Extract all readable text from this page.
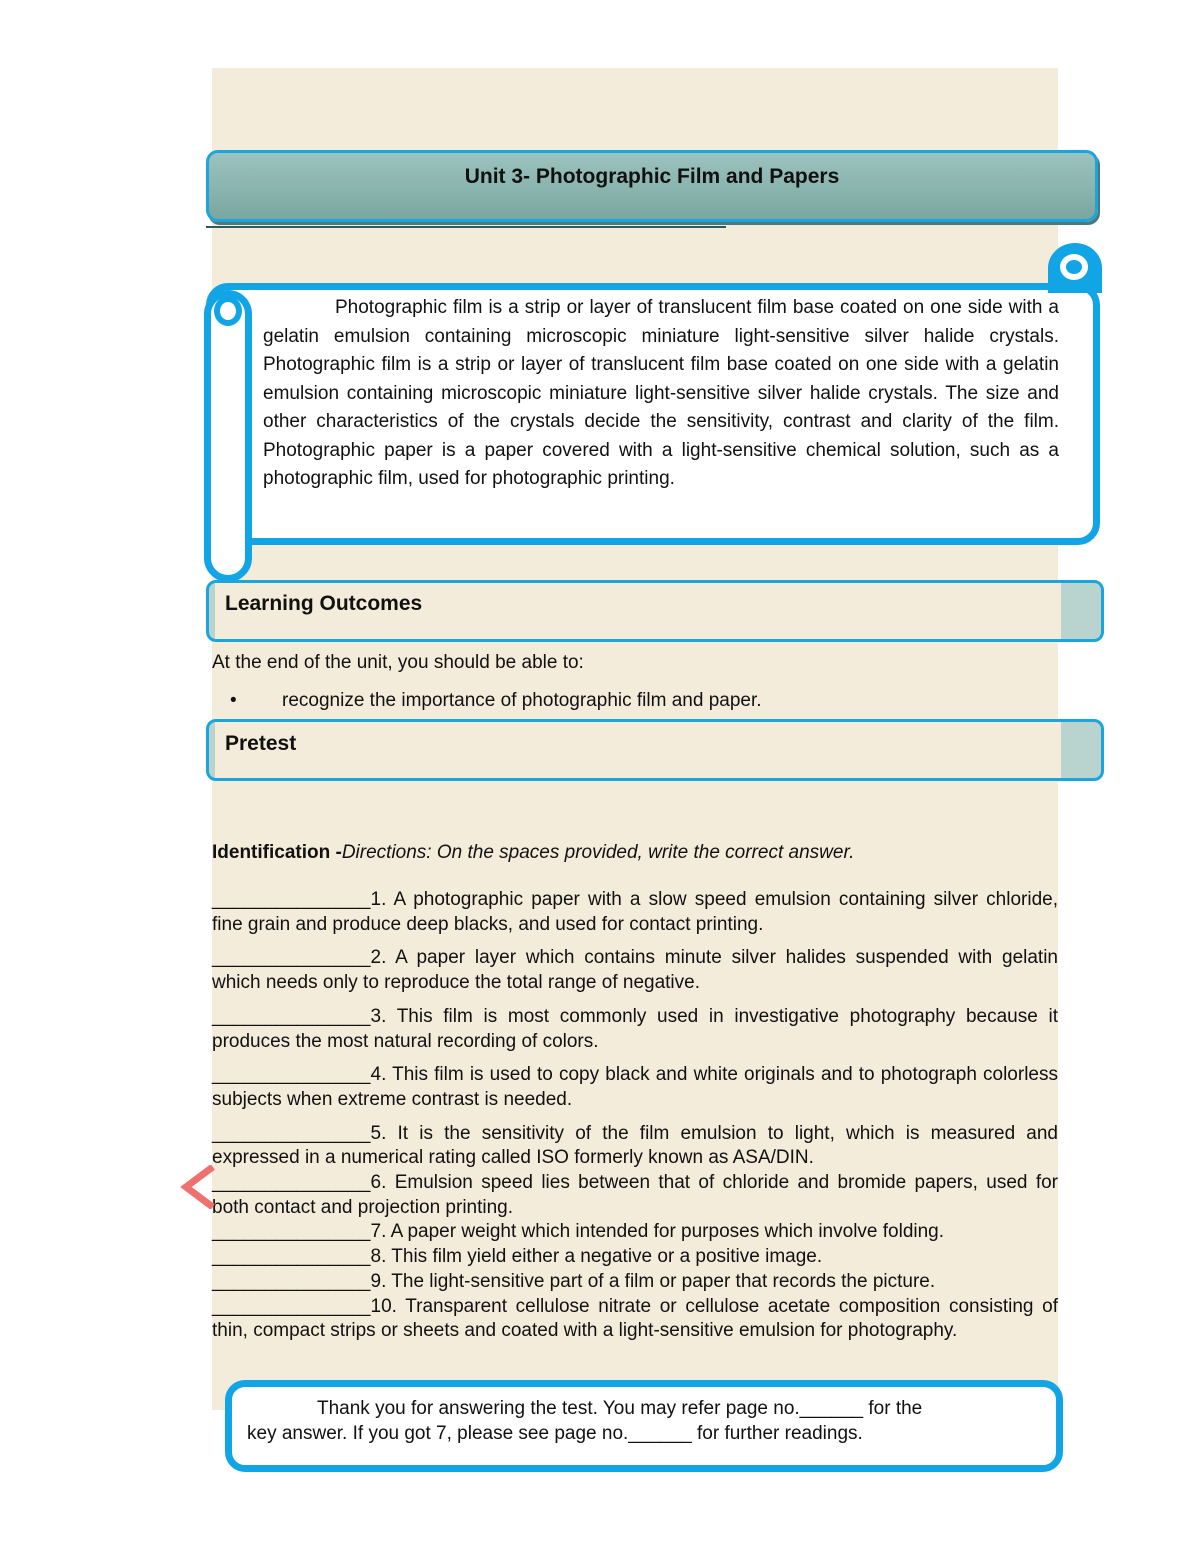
Unit 3- Photographic Film and Papers

Photographic film is a strip or layer of translucent film base coated on one side with a gelatin emulsion containing microscopic miniature light-sensitive silver halide crystals. Photographic film is a strip or layer of translucent film base coated on one side with a gelatin emulsion containing microscopic miniature light-sensitive silver halide crystals. The size and other characteristics of the crystals decide the sensitivity, contrast and clarity of the film. Photographic paper is a paper covered with a light-sensitive chemical solution, such as a photographic film, used for photographic printing.

Learning Outcomes
At the end of the unit, you should be able to:
• recognize the importance of photographic film and paper.
Pretest
Identification -Directions: On the spaces provided, write the correct answer.

_______________1. A photographic paper with a slow speed emulsion containing silver chloride, fine grain and produce deep blacks, and used for contact printing.

_______________2. A paper layer which contains minute silver halides suspended with gelatin which needs only to reproduce the total range of negative.

_______________3. This film is most commonly used in investigative photography because it produces the most natural recording of colors.

_______________4. This film is used to copy black and white originals and to photograph colorless subjects when extreme contrast is needed.

_______________5. It is the sensitivity of the film emulsion to light, which is measured and expressed in a numerical rating called ISO formerly known as ASA/DIN.

_______________6. Emulsion speed lies between that of chloride and bromide papers, used for both contact and projection printing.

_______________7. A paper weight which intended for purposes which involve folding.

_______________8. This film yield either a negative or a positive image.

_______________9. The light-sensitive part of a film or paper that records the picture.

_______________10. Transparent cellulose nitrate or cellulose acetate composition consisting of thin, compact strips or sheets and coated with a light-sensitive emulsion for photography.

Thank you for answering the test. You may refer page no.______ for the
key answer. If you got 7, please see page no.______ for further readings.
